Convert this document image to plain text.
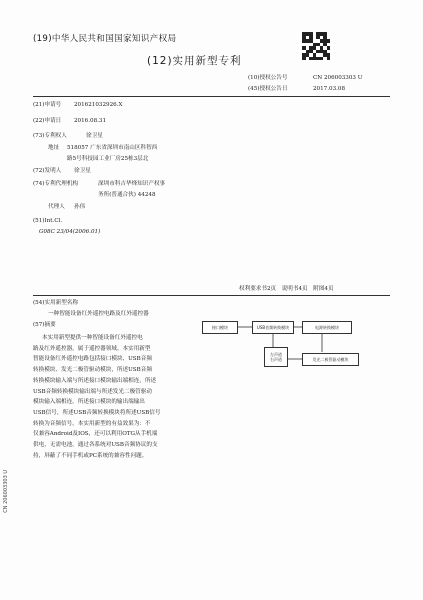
(19)中华人民共和国国家知识产权局
(12)实用新型专利
(10)授权公告号	CN 206003303 U
(45)授权公告日	2017.03.08
(21)申请号 201621032926.X
(22)申请日 2016.08.31
(73)专利权人	徐卫星
地址 518057 广东省深圳市南山区科智西
路5号科技园工业厂房25栋3层北
(72)发明人 徐卫星
(74)专利代理机构	深圳市科吉华烽知识产权事
务所(普通合伙) 44248
代理人 孙伟
(51)Int.Cl.
G08C 23/04(2006.01)
权利要求书2页　说明书4页　附图4页
(54)实用新型名称
一种智能设备红外遥控电路及红外遥控器
(57)摘要

本实用新型提供一种智能设备红外遥控电

路及红外遥控器，属于遥控器领域。本实用新型

智能设备红外遥控电路包括接口模块、USB音频

转换模块、发光二极管驱动模块，所述USB音频

转换模块输入端与所述接口模块输出端相连，所述

USB音频转换模块输出端与所述发光二极管驱动

模块输入端相连，所述接口模块的输出端输出

USB信号，所述USB音频转换模块将所述USB信号

转换为音频信号。本实用新型的有益效果为：不

仅兼容Android及IOS，还可以利用OTG从手机端

供电，无需电池，通过各系统对USB音频协议的支

持，屏蔽了不同手机或PC系统的兼容性问题。

接口模块	USB音频转换模块	电源转换模块
左声道
右声道	发光二极管驱动模块
CN 206003303 U
